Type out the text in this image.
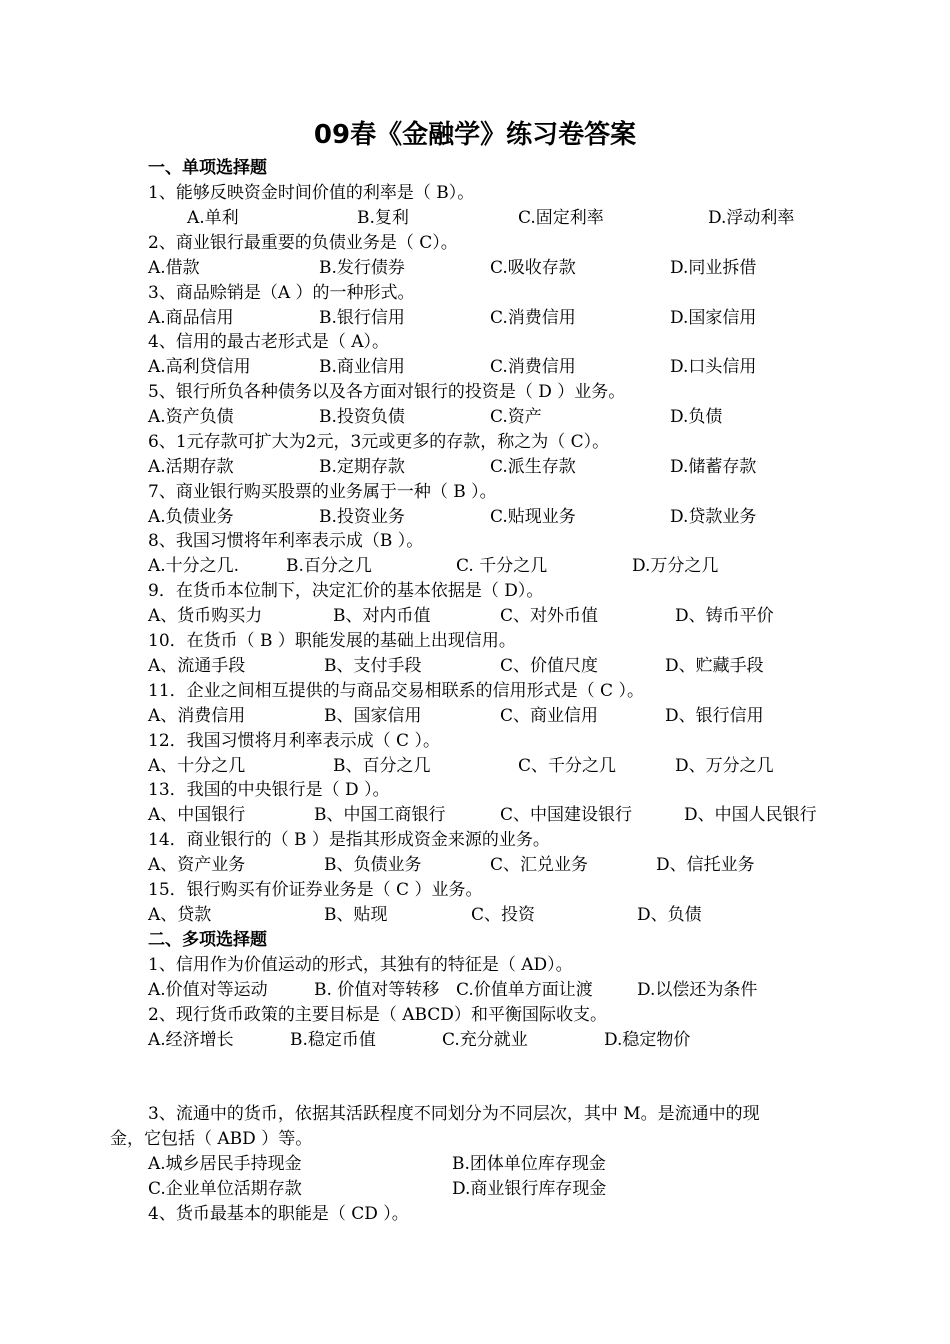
09春《金融学》练习卷答案
一、单项选择题
1、能够反映资金时间价值的利率是（ B）。
A.单利	B.复利	C.固定利率	D.浮动利率
2、商业银行最重要的负债业务是（ C）。
A.借款	B.发行债券	C.吸收存款	D.同业拆借
3、商品赊销是（A ）的一种形式。
A.商品信用	B.银行信用	C.消费信用	D.国家信用
4、信用的最古老形式是（ A）。
A.高利贷信用	B.商业信用	C.消费信用	D.口头信用
5、银行所负各种债务以及各方面对银行的投资是（ D ）业务。
A.资产负债	B.投资负债	C.资产	D.负债
6、1元存款可扩大为2元，3元或更多的存款，称之为（ C）。
A.活期存款	B.定期存款	C.派生存款	D.储蓄存款
7、商业银行购买股票的业务属于一种（ B ）。
A.负债业务	B.投资业务	C.贴现业务	D.贷款业务
8、我国习惯将年利率表示成（B ）。
A.十分之几.	B.百分之几	C. 千分之几	D.万分之几
9．在货币本位制下，决定汇价的基本依据是（ D）。
A、货币购买力	B、对内币值	C、对外币值	D、铸币平价
10．在货币（ B ）职能发展的基础上出现信用。
A、流通手段	B、支付手段	C、价值尺度	D、贮藏手段
11．企业之间相互提供的与商品交易相联系的信用形式是（ C ）。
A、消费信用	B、国家信用	C、商业信用	D、银行信用
12．我国习惯将月利率表示成（ C ）。
A、十分之几	B、百分之几	C、千分之几	D、万分之几
13．我国的中央银行是（ D ）。
A、中国银行	B、中国工商银行	C、中国建设银行	D、中国人民银行
14．商业银行的（ B ）是指其形成资金来源的业务。
A、资产业务	B、负债业务	C、汇兑业务	D、信托业务
15．银行购买有价证券业务是（ C ）业务。
A、贷款	B、贴现	C、投资	D、负债
二、多项选择题
1、信用作为价值运动的形式，其独有的特征是（ AD）。
A.价值对等运动	B. 价值对等转移 C.价值单方面让渡	D.以偿还为条件
2、现行货币政策的主要目标是（ ABCD）和平衡国际收支。
A.经济增长	B.稳定币值	C.充分就业	D.稳定物价
3、流通中的货币，依据其活跃程度不同划分为不同层次，其中 M。是流通中的现
金，它包括（ ABD ）等。
A.城乡居民手持现金	B.团体单位库存现金
C.企业单位活期存款	D.商业银行库存现金
4、货币最基本的职能是（ CD ）。
